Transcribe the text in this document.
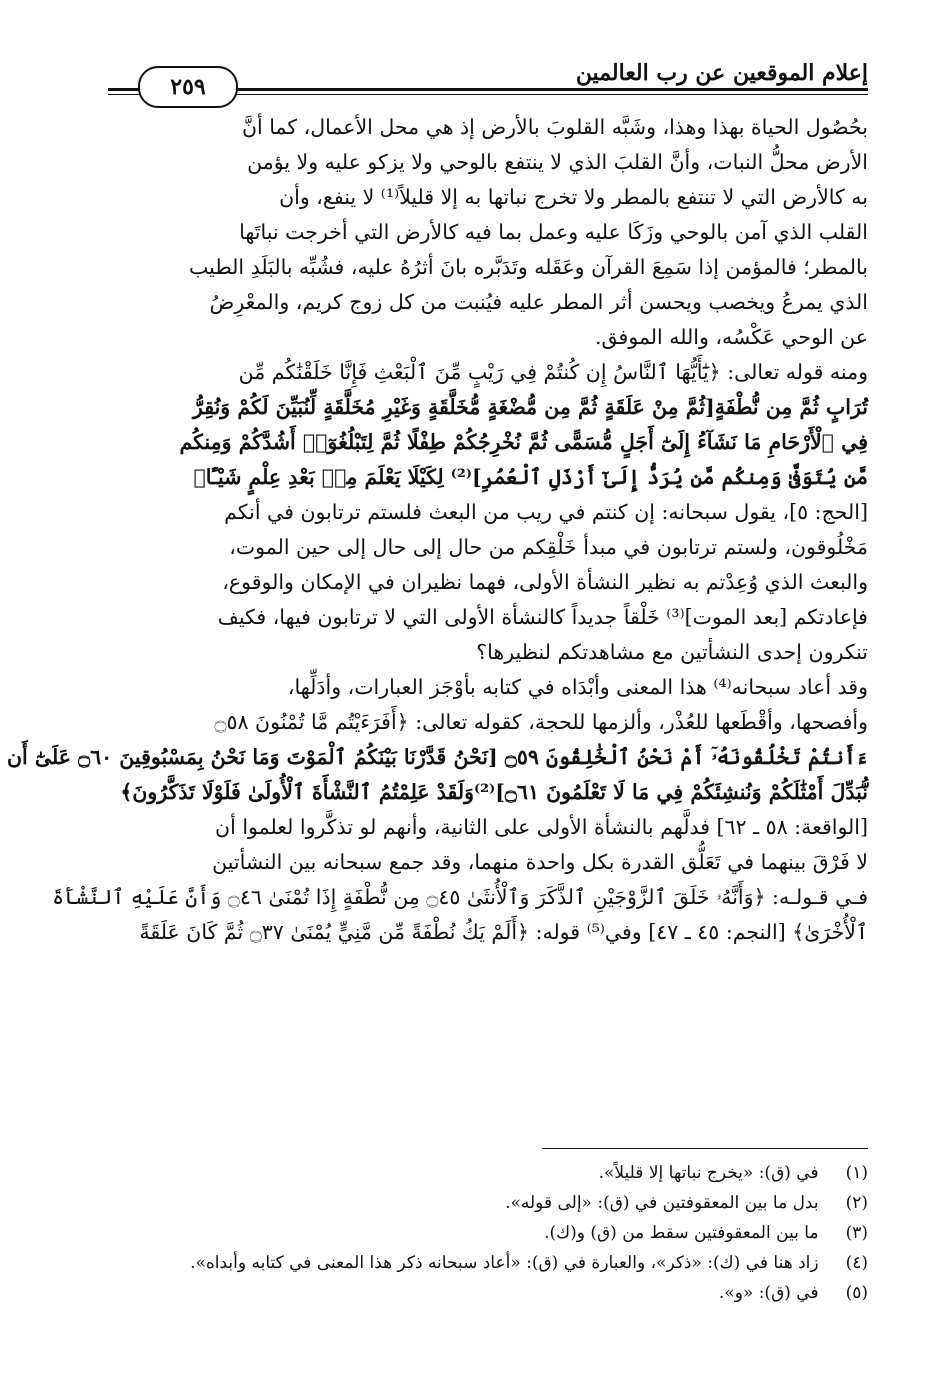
إعلام الموقعين عن رب العالمين
٢٥٩
بحُصُول الحياة بهذا وهذا، وشَبَّه القلوبَ بالأرض إذ هي محل الأعمال، كما أنَّ
الأرض محلُّ النبات، وأنَّ القلبَ الذي لا ينتفع بالوحي ولا يزكو عليه ولا يؤمن
به كالأرض التي لا تنتفع بالمطر ولا تخرج نباتها به إلا قليلاً⁽¹⁾ لا ينفع، وأن
القلب الذي آمن بالوحي وزَكَا عليه وعمل بما فيه كالأرض التي أخرجت نباتَها
بالمطر؛ فالمؤمن إذا سَمِعَ القرآن وعَقَله وتَدَبَّره بانَ أثرُهُ عليه، فشُبِّه بالبَلَدِ الطيب
الذي يمرعُ ويخصب ويحسن أثر المطر عليه فيُنبت من كل زوج كريم، والمعْرِضُ
عن الوحي عَكْسُه، والله الموفق.
ومنه قوله تعالى: ﴿يَٰٓأَيُّهَا ٱلنَّاسُ إِن كُنتُمْ فِي رَيْبٍ مِّنَ ٱلْبَعْثِ فَإِنَّا خَلَقْنَٰكُم مِّن
تُرَابٍ ثُمَّ مِن نُّطْفَةٍ[ثُمَّ مِنْ عَلَقَةٍ ثُمَّ مِن مُّضْغَةٍ مُّخَلَّقَةٍ وَغَيْرِ مُخَلَّقَةٍ لِّنُبَيِّنَ لَكُمْ وَنُقِرُّ
فِي ٱلْأَرْحَامِ مَا نَشَآءُ إِلَىٰٓ أَجَلٍ مُّسَمًّى ثُمَّ نُخْرِجُكُمْ طِفْلًا ثُمَّ لِتَبْلُغُوٓا۟ أَشُدَّكُمْ وَمِنكُم
مَّن يُتَوَفَّىٰ وَمِنكُم مَّن يُرَدُّ إِلَىٰٓ أَرْذَلِ ٱلْعُمُرِ]⁽²⁾ لِكَيْلَا يَعْلَمَ مِنۢ بَعْدِ عِلْمٍ شَيْـًٔا﴾
[الحج: ٥]، يقول سبحانه: إن كنتم في ريب من البعث فلستم ترتابون في أنكم
مَخْلُوقون، ولستم ترتابون في مبدأ خَلْقِكم من حال إلى حال إلى حين الموت،
والبعث الذي وُعِدْتم به نظير النشأة الأولى، فهما نظيران في الإمكان والوقوع،
فإعادتكم [بعد الموت]⁽³⁾ خَلْقاً جديداً كالنشأة الأولى التي لا ترتابون فيها، فكيف
تنكرون إحدى النشأتين مع مشاهدتكم لنظيرها؟
وقد أعاد سبحانه⁽⁴⁾ هذا المعنى وأبْدَاه في كتابه بأوْجَز العبارات، وأدَلِّها،
وأفصحها، وأقْطَعها للعُذْر، وألزمها للحجة، كقوله تعالى: ﴿أَفَرَءَيْتُم مَّا تُمْنُونَ ۝٥٨
ءَأَنتُمْ تَخْلُقُونَهُۥٓ أَمْ نَحْنُ ٱلْخَٰلِقُونَ ۝٥٩ [نَحْنُ قَدَّرْنَا بَيْنَكُمُ ٱلْمَوْتَ وَمَا نَحْنُ بِمَسْبُوقِينَ ۝٦٠ عَلَىٰٓ أَن
نُّبَدِّلَ أَمْثَٰلَكُمْ وَنُنشِئَكُمْ فِي مَا لَا تَعْلَمُونَ ۝٦١]⁽²⁾وَلَقَدْ عَلِمْتُمُ ٱلنَّشْأَةَ ٱلْأُولَىٰ فَلَوْلَا تَذَكَّرُونَ﴾
[الواقعة: ٥٨ ـ ٦٢] فدلَّهم بالنشأة الأولى على الثانية، وأنهم لو تذكَّروا لعلموا أن
لا فَرْقَ بينهما في تَعَلُّق القدرة بكل واحدة منهما، وقد جمع سبحانه بين النشأتين
فـي قـولـه: ﴿وَأَنَّهُۥ خَلَقَ ٱلزَّوْجَيْنِ ٱلذَّكَرَ وَٱلْأُنثَىٰ ۝٤٥ مِن نُّطْفَةٍ إِذَا تُمْنَىٰ ۝٤٦ وَأَنَّ عَلَيْهِ ٱلنَّشْأَةَ
ٱلْأُخْرَىٰ﴾ [النجم: ٤٥ ـ ٤٧] وفي⁽⁵⁾ قوله: ﴿أَلَمْ يَكُ نُطْفَةً مِّن مَّنِيٍّ يُمْنَىٰ ۝٣٧ ثُمَّ كَانَ عَلَقَةً
(١) في (ق): «يخرج نباتها إلا قليلاً».
(٢) بدل ما بين المعقوفتين في (ق): «إلى قوله».
(٣) ما بين المعقوفتين سقط من (ق) و(ك).
(٤) زاد هنا في (ك): «ذكر»، والعبارة في (ق): «أعاد سبحانه ذكر هذا المعنى في كتابه وأبداه».
(٥) في (ق): «و».
